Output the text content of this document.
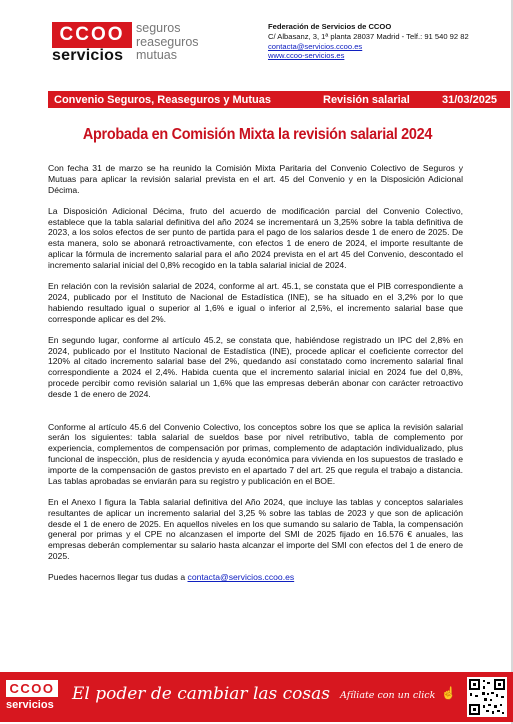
CCOO
servicios
seguros
reaseguros
mutuas
Federación de Servicios de CCOO
C/ Albasanz, 3, 1ª planta 28037 Madrid - Telf.: 91 540 92 82
contacta@servicios.ccoo.es
www.ccoo-servicios.es
Convenio Seguros, Reaseguros y Mutuas	Revisión salarial	31/03/2025
Aprobada en Comisión Mixta la revisión salarial 2024

Con fecha 31 de marzo se ha reunido la Comisión Mixta Paritaria del Convenio Colectivo de Seguros y Mutuas para aplicar la revisión salarial prevista en el art. 45 del Convenio y en la Disposición Adicional Décima.

La Disposición Adicional Décima, fruto del acuerdo de modificación parcial del Convenio Colectivo, establece que la tabla salarial definitiva del año 2024 se incrementará un 3,25% sobre la tabla definitiva de 2023, a los solos efectos de ser punto de partida para el pago de los salarios desde 1 de enero de 2025. De esta manera, solo se abonará retroactivamente, con efectos 1 de enero de 2024, el importe resultante de aplicar la fórmula de incremento salarial para el año 2024 prevista en el art 45 del Convenio, descontado el incremento salarial inicial del 0,8% recogido en la tabla salarial inicial de 2024.

En relación con la revisión salarial de 2024, conforme al art. 45.1, se constata que el PIB correspondiente a 2024, publicado por el Instituto de Nacional de Estadística (INE), se ha situado en el 3,2% por lo que habiendo resultado igual o superior al 1,6% e igual o inferior al 2,5%, el incremento salarial base que corresponde aplicar es del 2%.

En segundo lugar, conforme al artículo 45.2, se constata que, habiéndose registrado un IPC del 2,8% en 2024, publicado por el Instituto Nacional de Estadística (INE), procede aplicar el coeficiente corrector del 120% al citado incremento salarial base del 2%, quedando así constatado como incremento salarial final correspondiente a 2024 el 2,4%. Habida cuenta que el incremento salarial inicial en 2024 fue del 0,8%, procede percibir como revisión salarial un 1,6% que las empresas deberán abonar con carácter retroactivo desde 1 de enero de 2024.

Conforme al artículo 45.6 del Convenio Colectivo, los conceptos sobre los que se aplica la revisión salarial serán los siguientes: tabla salarial de sueldos base por nivel retributivo, tabla de complemento por experiencia, complementos de compensación por primas, complemento de adaptación individualizado, plus funcional de inspección, plus de residencia y ayuda económica para vivienda en los supuestos de traslado e importe de la compensación de gastos previsto en el apartado 7 del art. 25 que regula el trabajo a distancia. Las tablas aprobadas se enviarán para su registro y publicación en el BOE.

En el Anexo I figura la Tabla salarial definitiva del Año 2024, que incluye las tablas y conceptos salariales resultantes de aplicar un incremento salarial del 3,25 % sobre las tablas de 2023 y que son de aplicación desde el 1 de enero de 2025. En aquellos niveles en los que sumando su salario de Tabla, la compensación general por primas y el CPE no alcanzasen el importe del SMI de 2025 fijado en 16.576 € anuales, las empresas deberán complementar su salario hasta alcanzar el importe del SMI con efectos del 1 de enero de 2025.

Puedes hacernos llegar tus dudas a contacta@servicios.ccoo.es

CCOO
servicios
El poder de cambiar las cosas Afíliate con un click ☝
